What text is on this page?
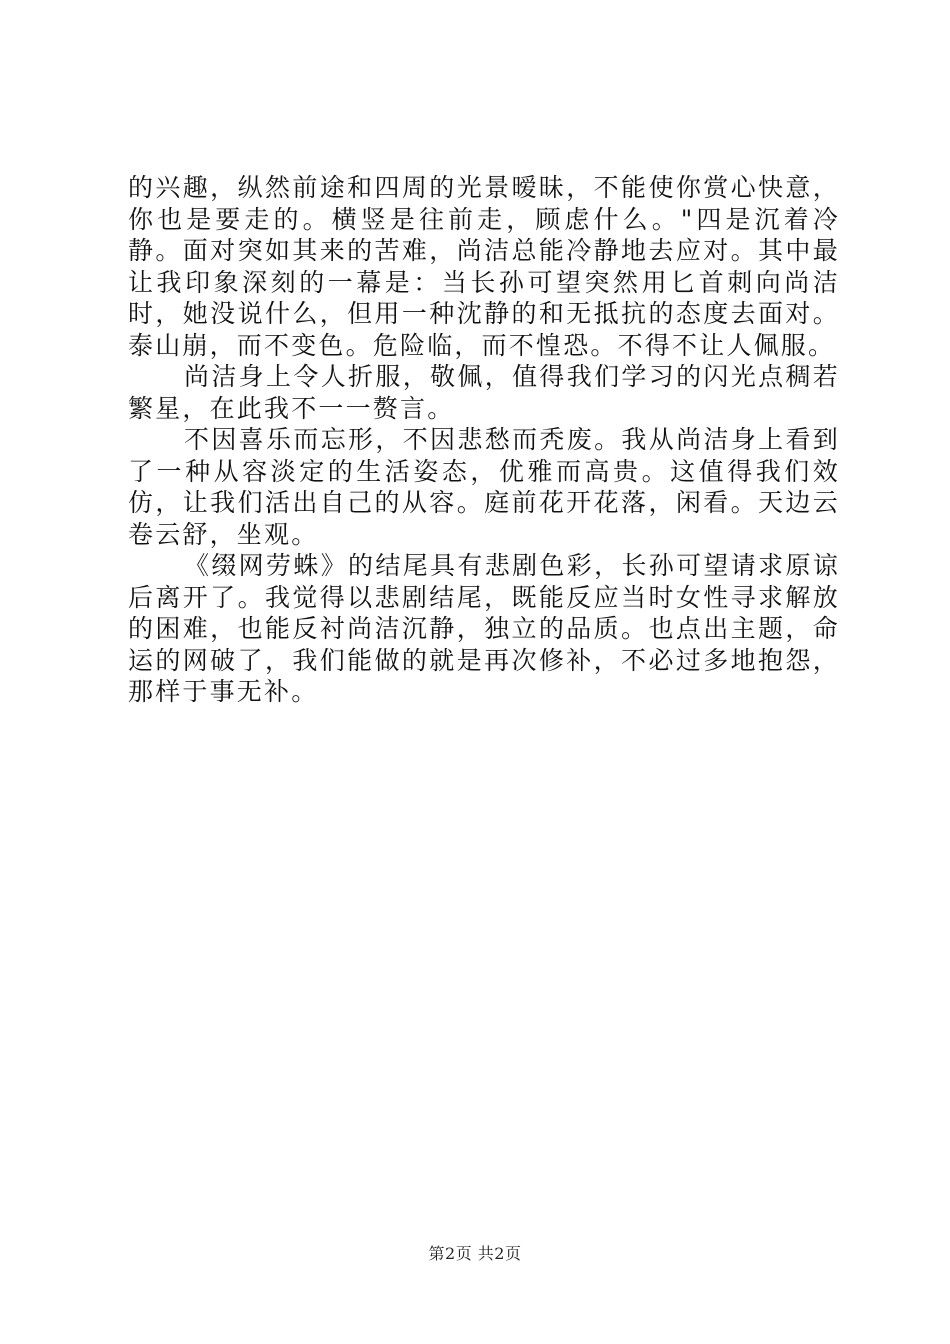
的兴趣，纵然前途和四周的光景暧昧，不能使你赏心快意，你也是要走的。横竖是往前走，顾虑什么。"四是沉着冷静。面对突如其来的苦难，尚洁总能冷静地去应对。其中最让我印象深刻的一幕是：当长孙可望突然用匕首刺向尚洁时，她没说什么，但用一种沈静的和无抵抗的态度去面对。泰山崩，而不变色。危险临，而不惶恐。不得不让人佩服。

尚洁身上令人折服，敬佩，值得我们学习的闪光点稠若繁星，在此我不一一赘言。

不因喜乐而忘形，不因悲愁而秃废。我从尚洁身上看到了一种从容淡定的生活姿态，优雅而高贵。这值得我们效仿，让我们活出自己的从容。庭前花开花落，闲看。天边云卷云舒，坐观。

《缀网劳蛛》的结尾具有悲剧色彩，长孙可望请求原谅后离开了。我觉得以悲剧结尾，既能反应当时女性寻求解放的困难，也能反衬尚洁沉静，独立的品质。也点出主题，命运的网破了，我们能做的就是再次修补，不必过多地抱怨，那样于事无补。

第2页 共2页
